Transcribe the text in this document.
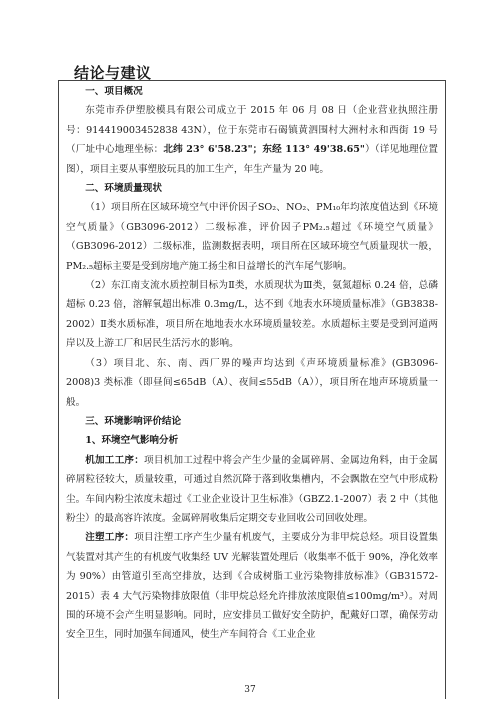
结论与建议

一、项目概况

东莞市乔伊塑胶模具有限公司成立于 2015 年 06 月 08 日（企业营业执照注册号：914419003452838 43N），位于东莞市石碣镇黄泗围村大洲村永和西街 19 号（厂址中心地理坐标：北纬 23° 6'58.23"；东经 113° 49'38.65"）（详见地理位置图），项目主要从事塑胶玩具的加工生产，年生产量为 20 吨。

二、环境质量现状

（1）项目所在区域环境空气中评价因子SO₂、NO₂、PM₁₀年均浓度值达到《环境空气质量》（GB3096-2012）二级标准，评价因子PM₂.₅超过《环境空气质量》（GB3096-2012）二级标准，监测数据表明，项目所在区域环境空气质量现状一般，PM₂.₅超标主要是受到房地产施工扬尘和日益增长的汽车尾气影响。

（2）东江南支流水质控制目标为Ⅱ类，水质现状为Ⅲ类，氨氮超标 0.24 倍，总磷超标 0.23 倍，溶解氧超出标准 0.3mg/L，达不到《地表水环境质量标准》（GB3838-2002）Ⅱ类水质标准，项目所在地地表水水环境质量较差。水质超标主要是受到河道两岸以及上游工厂和居民生活污水的影响。

（3）项目北、东、南、西厂界的噪声均达到《声环境质量标准》(GB3096-2008)3 类标准（即昼间≤65dB（A）、夜间≤55dB（A）），项目所在地声环境质量一般。

三、环境影响评价结论

1、环境空气影响分析

机加工工序：项目机加工过程中将会产生少量的金属碎屑、金属边角料，由于金属碎屑粒径较大，质量较重，可通过自然沉降于落到收集槽内，不会飘散在空气中形成粉尘。车间内粉尘浓度未超过《工业企业设计卫生标准》（GBZ2.1-2007）表 2 中（其他粉尘）的最高容许浓度。金属碎屑收集后定期交专业回收公司回收处理。

注塑工序：项目注塑工序产生少量有机废气，主要成分为非甲烷总烃。项目设置集气装置对其产生的有机废气收集经 UV 光解装置处理后（收集率不低于 90%，净化效率为 90%）由管道引至高空排放，达到《合成树脂工业污染物排放标准》（GB31572-2015）表 4 大气污染物排放限值（非甲烷总烃允许排放浓度限值≤100mg/m³）。对周围的环境不会产生明显影响。同时，应安排员工做好安全防护，配戴好口罩，确保劳动安全卫生，同时加强车间通风，使生产车间符合《工业企业

37
